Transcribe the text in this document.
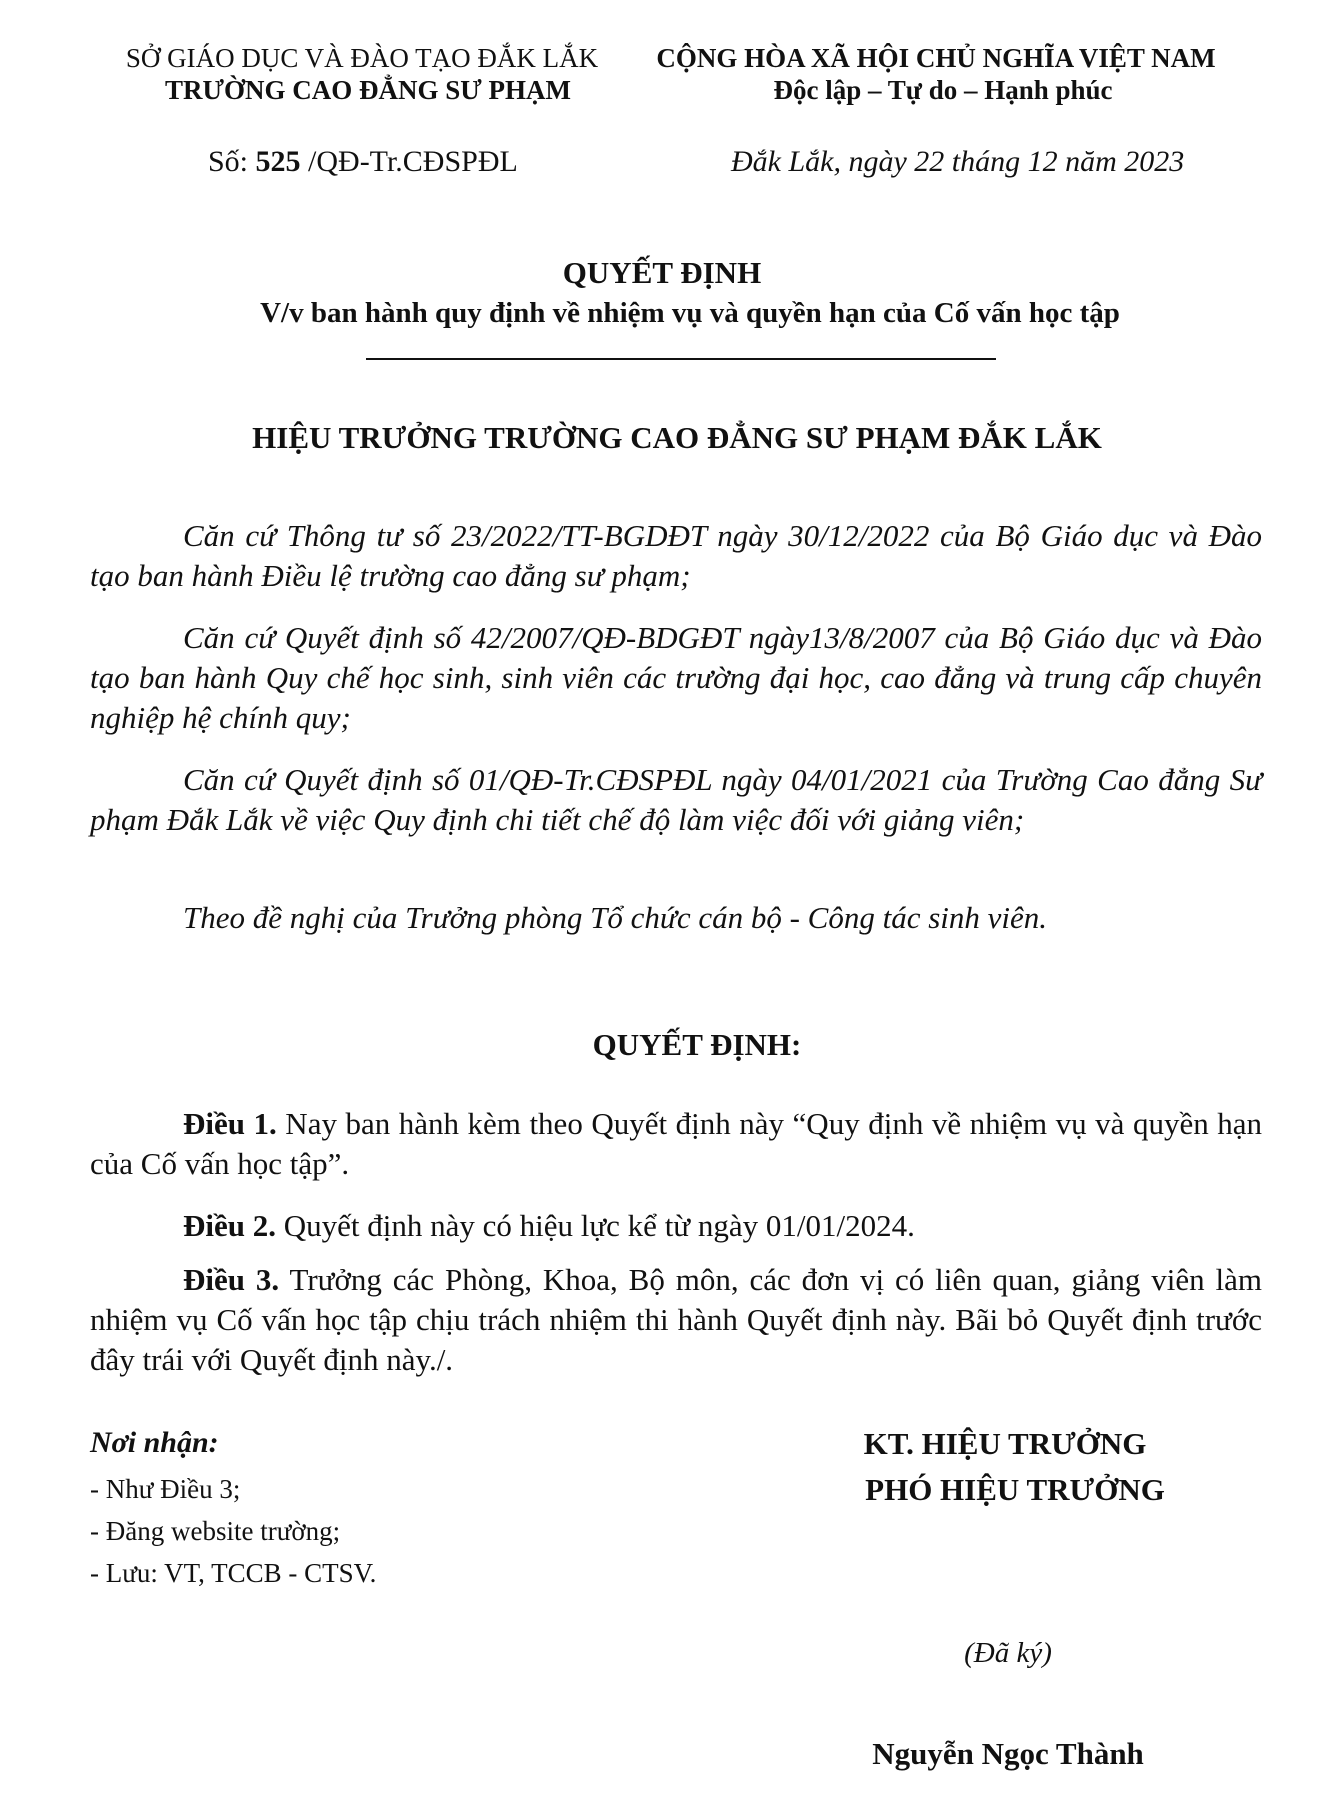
SỞ GIÁO DỤC VÀ ĐÀO TẠO ĐẮK LẮK
TRƯỜNG CAO ĐẲNG SƯ PHẠM
CỘNG HÒA XÃ HỘI CHỦ NGHĨA VIỆT NAM
Độc lập – Tự do – Hạnh phúc
Số: 525 /QĐ-Tr.CĐSPĐL	Đắk Lắk, ngày 22 tháng 12 năm 2023
QUYẾT ĐỊNH
V/v ban hành quy định về nhiệm vụ và quyền hạn của Cố vấn học tập
HIỆU TRƯỞNG TRƯỜNG CAO ĐẲNG SƯ PHẠM ĐẮK LẮK
Căn cứ Thông tư số 23/2022/TT-BGDĐT ngày 30/12/2022 của Bộ Giáo dục và Đào tạo ban hành Điều lệ trường cao đẳng sư phạm;
Căn cứ Quyết định số 42/2007/QĐ-BDGĐT ngày13/8/2007 của Bộ Giáo dục và Đào tạo ban hành Quy chế học sinh, sinh viên các trường đại học, cao đẳng và trung cấp chuyên nghiệp hệ chính quy;
Căn cứ Quyết định số 01/QĐ-Tr.CĐSPĐL ngày 04/01/2021 của Trường Cao đẳng Sư phạm Đắk Lắk về việc Quy định chi tiết chế độ làm việc đối với giảng viên;
Theo đề nghị của Trưởng phòng Tổ chức cán bộ - Công tác sinh viên.
QUYẾT ĐỊNH:
Điều 1. Nay ban hành kèm theo Quyết định này “Quy định về nhiệm vụ và quyền hạn của Cố vấn học tập”.
Điều 2. Quyết định này có hiệu lực kể từ ngày 01/01/2024.
Điều 3. Trưởng các Phòng, Khoa, Bộ môn, các đơn vị có liên quan, giảng viên làm nhiệm vụ Cố vấn học tập chịu trách nhiệm thi hành Quyết định này. Bãi bỏ Quyết định trước đây trái với Quyết định này./.
Nơi nhận:
- Như Điều 3;
- Đăng website trường;
- Lưu: VT, TCCB - CTSV.
KT. HIỆU TRƯỞNG
PHÓ HIỆU TRƯỞNG
(Đã ký)
Nguyễn Ngọc Thành
